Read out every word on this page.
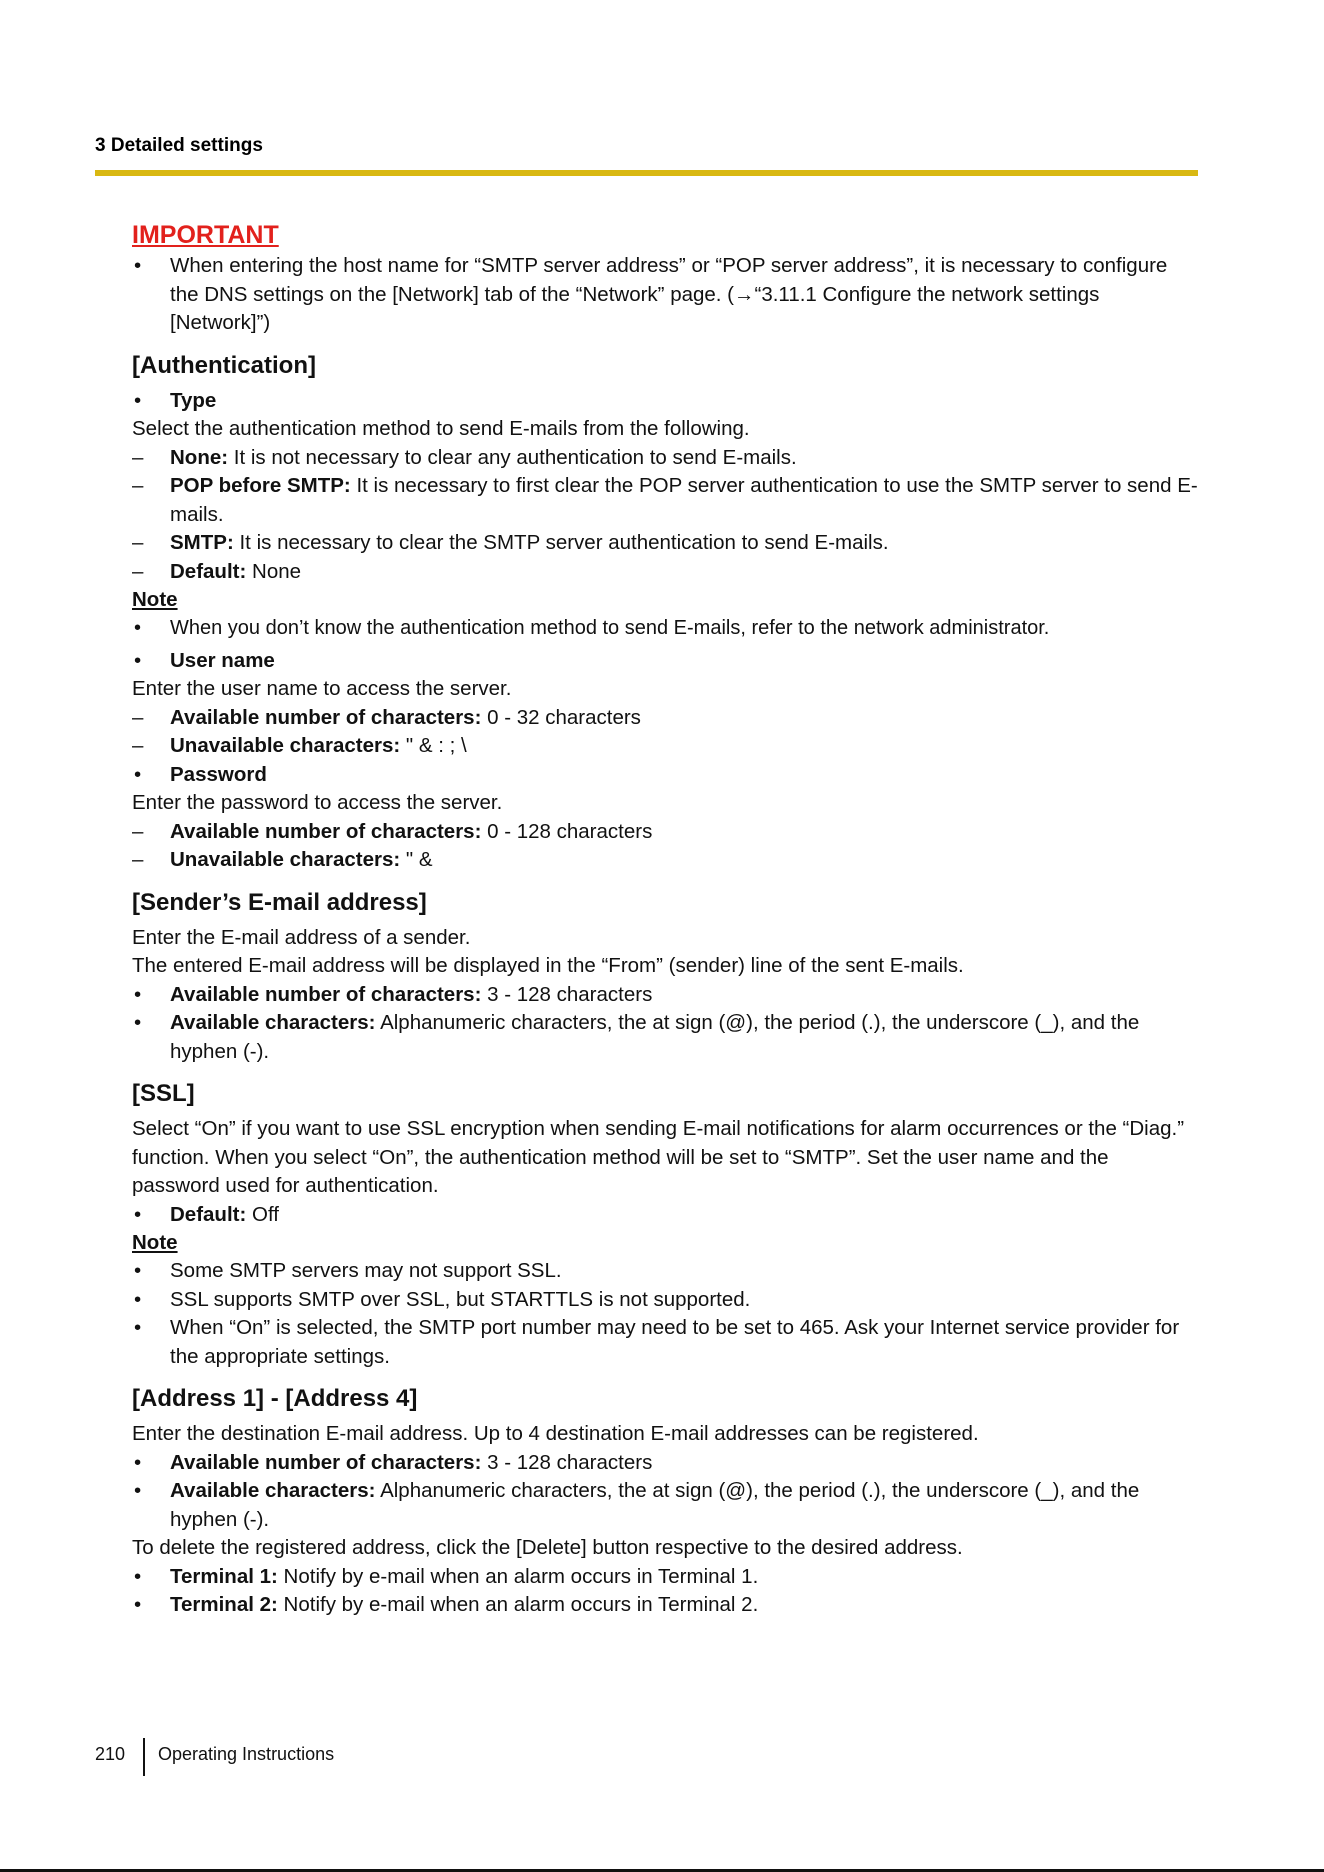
3 Detailed settings

IMPORTANT

• When entering the host name for “SMTP server address” or “POP server address”, it is necessary to configure the DNS settings on the [Network] tab of the “Network” page. (→“3.11.1 Configure the network settings [Network]”)

[Authentication]

• Type

Select the authentication method to send E-mails from the following.

– None: It is not necessary to clear any authentication to send E-mails.

– POP before SMTP: It is necessary to first clear the POP server authentication to use the SMTP server to send E-mails.

– SMTP: It is necessary to clear the SMTP server authentication to send E-mails.

– Default: None

Note

• When you don’t know the authentication method to send E-mails, refer to the network administrator.

• User name

Enter the user name to access the server.

– Available number of characters: 0 - 32 characters

– Unavailable characters: " & : ; \

• Password

Enter the password to access the server.

– Available number of characters: 0 - 128 characters

– Unavailable characters: " &

[Sender’s E-mail address]

Enter the E-mail address of a sender.

The entered E-mail address will be displayed in the “From” (sender) line of the sent E-mails.

• Available number of characters: 3 - 128 characters

• Available characters: Alphanumeric characters, the at sign (@), the period (.), the underscore (_), and the hyphen (-).

[SSL]

Select “On” if you want to use SSL encryption when sending E-mail notifications for alarm occurrences or the “Diag.” function. When you select “On”, the authentication method will be set to “SMTP”. Set the user name and the password used for authentication.

• Default: Off

Note

• Some SMTP servers may not support SSL.

• SSL supports SMTP over SSL, but STARTTLS is not supported.

• When “On” is selected, the SMTP port number may need to be set to 465. Ask your Internet service provider for the appropriate settings.

[Address 1] - [Address 4]

Enter the destination E-mail address. Up to 4 destination E-mail addresses can be registered.

• Available number of characters: 3 - 128 characters

• Available characters: Alphanumeric characters, the at sign (@), the period (.), the underscore (_), and the hyphen (-).

To delete the registered address, click the [Delete] button respective to the desired address.

• Terminal 1: Notify by e-mail when an alarm occurs in Terminal 1.

• Terminal 2: Notify by e-mail when an alarm occurs in Terminal 2.

210 Operating Instructions
